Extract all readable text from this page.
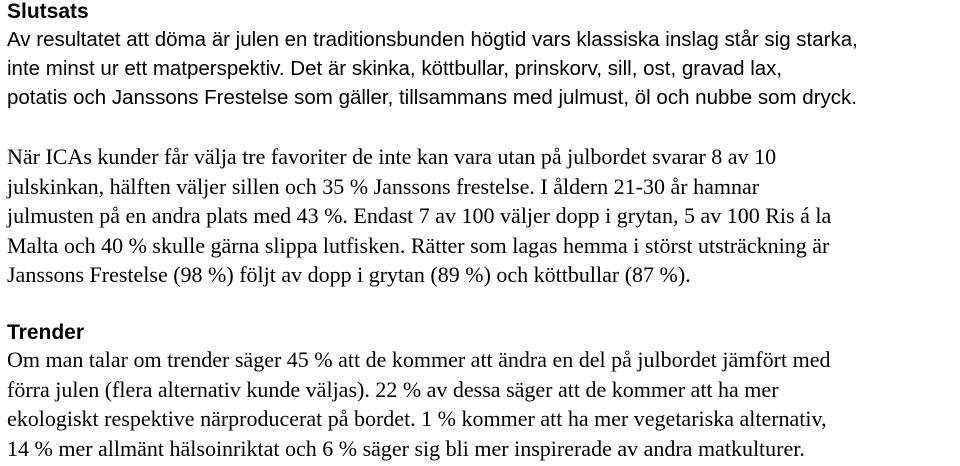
Slutsats

Av resultatet att döma är julen en traditionsbunden högtid vars klassiska inslag står sig starka,
inte minst ur ett matperspektiv. Det är skinka, köttbullar, prinskorv, sill, ost, gravad lax,
potatis och Janssons Frestelse som gäller, tillsammans med julmust, öl och nubbe som dryck.

När ICAs kunder får välja tre favoriter de inte kan vara utan på julbordet svarar 8 av 10
julskinkan, hälften väljer sillen och 35 % Janssons frestelse. I åldern 21-30 år hamnar
julmusten på en andra plats med 43 %. Endast 7 av 100 väljer dopp i grytan, 5 av 100 Ris á la
Malta och 40 % skulle gärna slippa lutfisken. Rätter som lagas hemma i störst utsträckning är
Janssons Frestelse (98 %) följt av dopp i grytan (89 %) och köttbullar (87 %).

Trender

Om man talar om trender säger 45 % att de kommer att ändra en del på julbordet jämfört med
förra julen (flera alternativ kunde väljas). 22 % av dessa säger att de kommer att ha mer
ekologiskt respektive närproducerat på bordet. 1 % kommer att ha mer vegetariska alternativ,
14 % mer allmänt hälsoinriktat och 6 % säger sig bli mer inspirerade av andra matkulturer.
